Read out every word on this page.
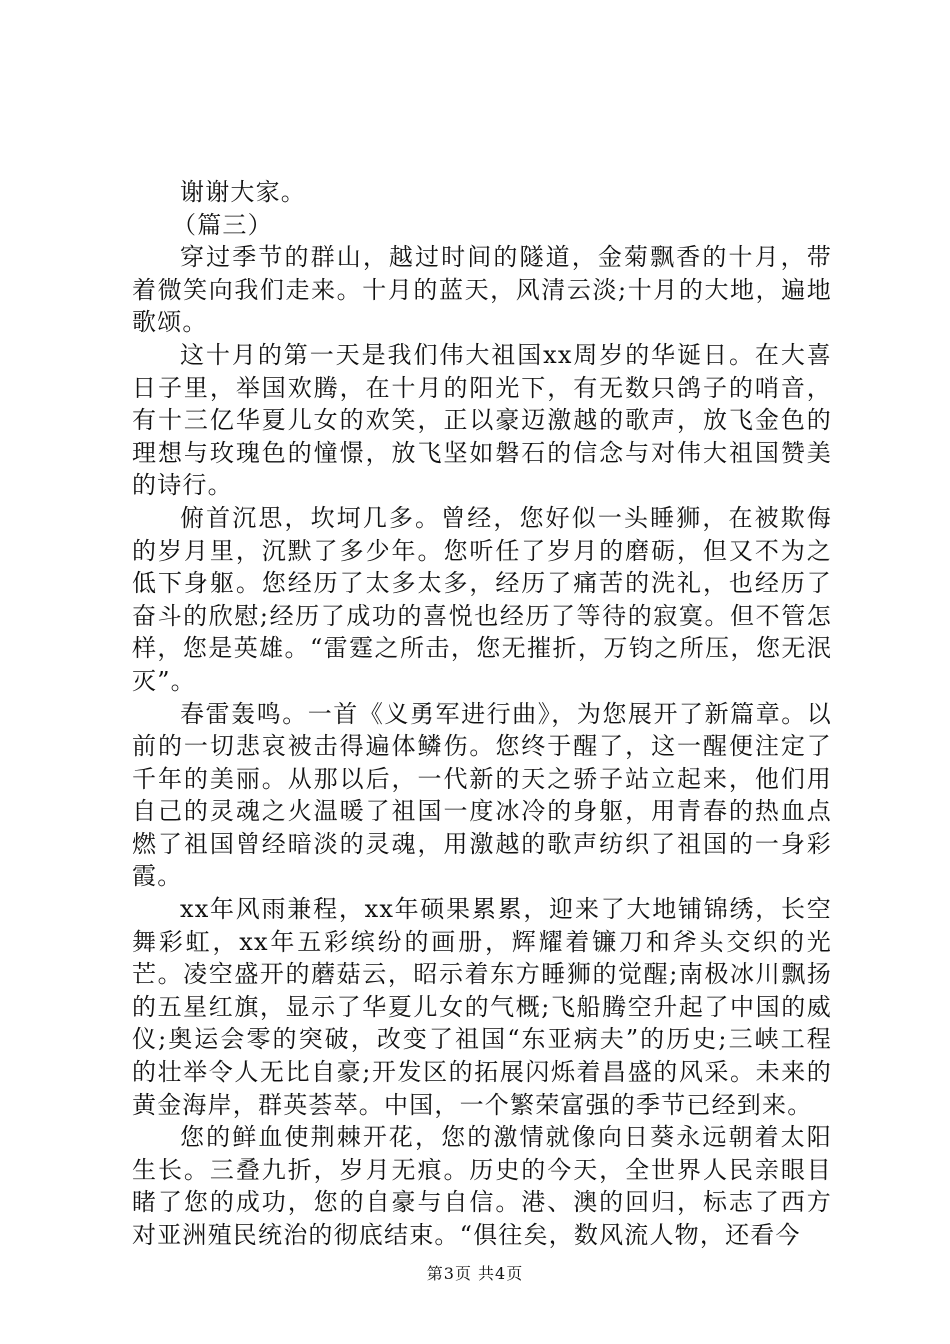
谢谢大家。

（篇三）

穿过季节的群山，越过时间的隧道，金菊飘香的十月，带着微笑向我们走来。十月的蓝天，风清云淡;十月的大地，遍地歌颂。

这十月的第一天是我们伟大祖国xx周岁的华诞日。在大喜日子里，举国欢腾，在十月的阳光下，有无数只鸽子的哨音，有十三亿华夏儿女的欢笑，正以豪迈激越的歌声，放飞金色的理想与玫瑰色的憧憬，放飞坚如磐石的信念与对伟大祖国赞美的诗行。

俯首沉思，坎坷几多。曾经，您好似一头睡狮，在被欺侮的岁月里，沉默了多少年。您听任了岁月的磨砺，但又不为之低下身躯。您经历了太多太多，经历了痛苦的洗礼，也经历了奋斗的欣慰;经历了成功的喜悦也经历了等待的寂寞。但不管怎样，您是英雄。“雷霆之所击，您无摧折，万钧之所压，您无泯灭”。

春雷轰鸣。一首《义勇军进行曲》，为您展开了新篇章。以前的一切悲哀被击得遍体鳞伤。您终于醒了，这一醒便注定了千年的美丽。从那以后，一代新的天之骄子站立起来，他们用自己的灵魂之火温暖了祖国一度冰冷的身躯，用青春的热血点燃了祖国曾经暗淡的灵魂，用激越的歌声纺织了祖国的一身彩霞。

xx年风雨兼程，xx年硕果累累，迎来了大地铺锦绣，长空舞彩虹，xx年五彩缤纷的画册，辉耀着镰刀和斧头交织的光芒。凌空盛开的蘑菇云，昭示着东方睡狮的觉醒;南极冰川飘扬的五星红旗，显示了华夏儿女的气概;飞船腾空升起了中国的威仪;奥运会零的突破，改变了祖国“东亚病夫”的历史;三峡工程的壮举令人无比自豪;开发区的拓展闪烁着昌盛的风采。未来的黄金海岸，群英荟萃。中国，一个繁荣富强的季节已经到来。

您的鲜血使荆棘开花，您的激情就像向日葵永远朝着太阳生长。三叠九折，岁月无痕。历史的今天，全世界人民亲眼目睹了您的成功，您的自豪与自信。港、澳的回归，标志了西方对亚洲殖民统治的彻底结束。“俱往矣，数风流人物，还看今

第3页 共4页
